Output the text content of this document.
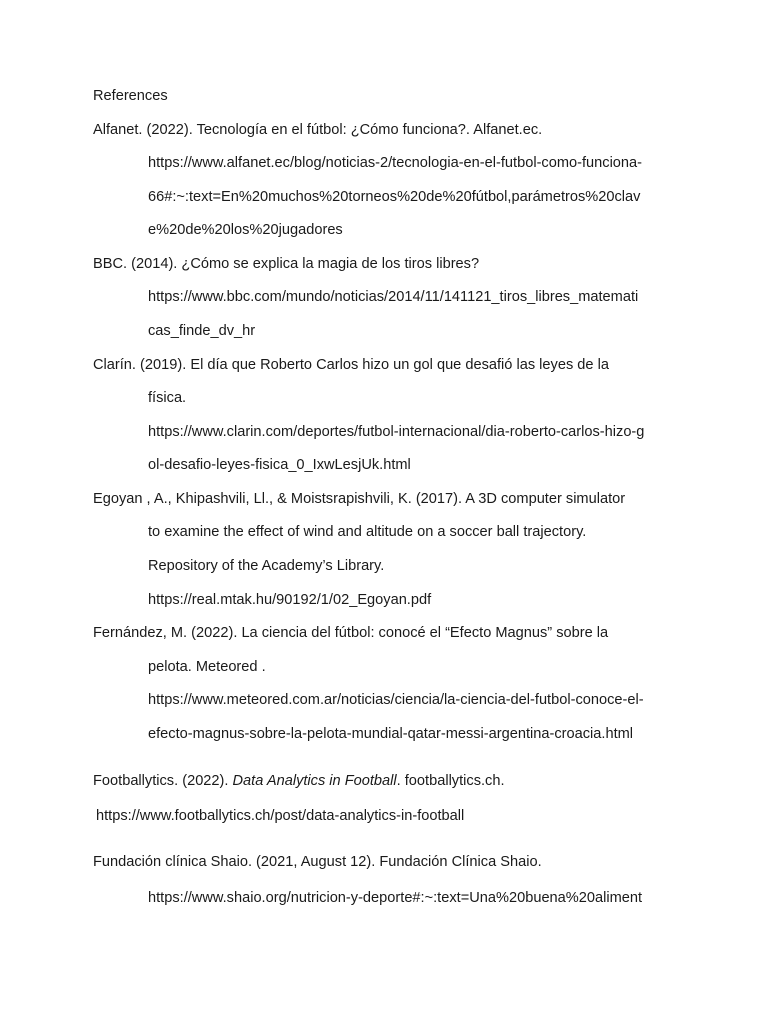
References
Alfanet. (2022). Tecnología en el fútbol: ¿Cómo funciona?. Alfanet.ec.
https://www.alfanet.ec/blog/noticias-2/tecnologia-en-el-futbol-como-funciona-
66#:~:text=En%20muchos%20torneos%20de%20fútbol,parámetros%20clav
e%20de%20los%20jugadores
BBC. (2014). ¿Cómo se explica la magia de los tiros libres?
https://www.bbc.com/mundo/noticias/2014/11/141121_tiros_libres_matemati
cas_finde_dv_hr
Clarín. (2019). El día que Roberto Carlos hizo un gol que desafió las leyes de la
física.
https://www.clarin.com/deportes/futbol-internacional/dia-roberto-carlos-hizo-g
ol-desafio-leyes-fisica_0_IxwLesjUk.html
Egoyan , A., Khipashvili, Ll., & Moistsrapishvili, K. (2017). A 3D computer simulator
to examine the effect of wind and altitude on a soccer ball trajectory.
Repository of the Academy’s Library.
https://real.mtak.hu/90192/1/02_Egoyan.pdf
Fernández, M. (2022). La ciencia del fútbol: conocé el “Efecto Magnus” sobre la
pelota. Meteored .
https://www.meteored.com.ar/noticias/ciencia/la-ciencia-del-futbol-conoce-el-
efecto-magnus-sobre-la-pelota-mundial-qatar-messi-argentina-croacia.html
Footballytics. (2022). Data Analytics in Football. footballytics.ch.
https://www.footballytics.ch/post/data-analytics-in-football
Fundación clínica Shaio. (2021, August 12). Fundación Clínica Shaio.
https://www.shaio.org/nutricion-y-deporte#:~:text=Una%20buena%20aliment
